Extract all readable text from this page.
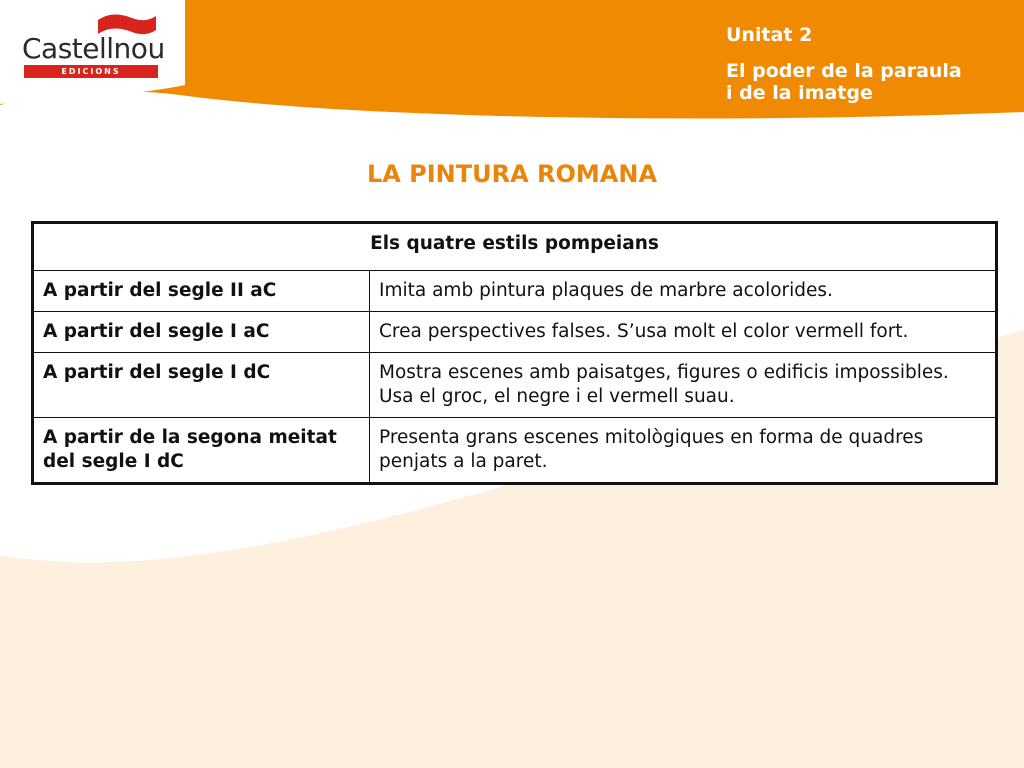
Castellnou
EDICIONS
Unitat 2
El poder de la paraula
i de la imatge
LA PINTURA ROMANA
Els quatre estils pompeians	
A partir del segle II aC	Imita amb pintura plaques de marbre acolorides.
A partir del segle I aC	Crea perspectives falses. S’usa molt el color vermell fort.
A partir del segle I dC	Mostra escenes amb paisatges, figures o edificis impossibles. Usa el groc, el negre i el vermell suau.
A partir de la segona meitat del segle I dC	Presenta grans escenes mitològiques en forma de quadres penjats a la paret.
